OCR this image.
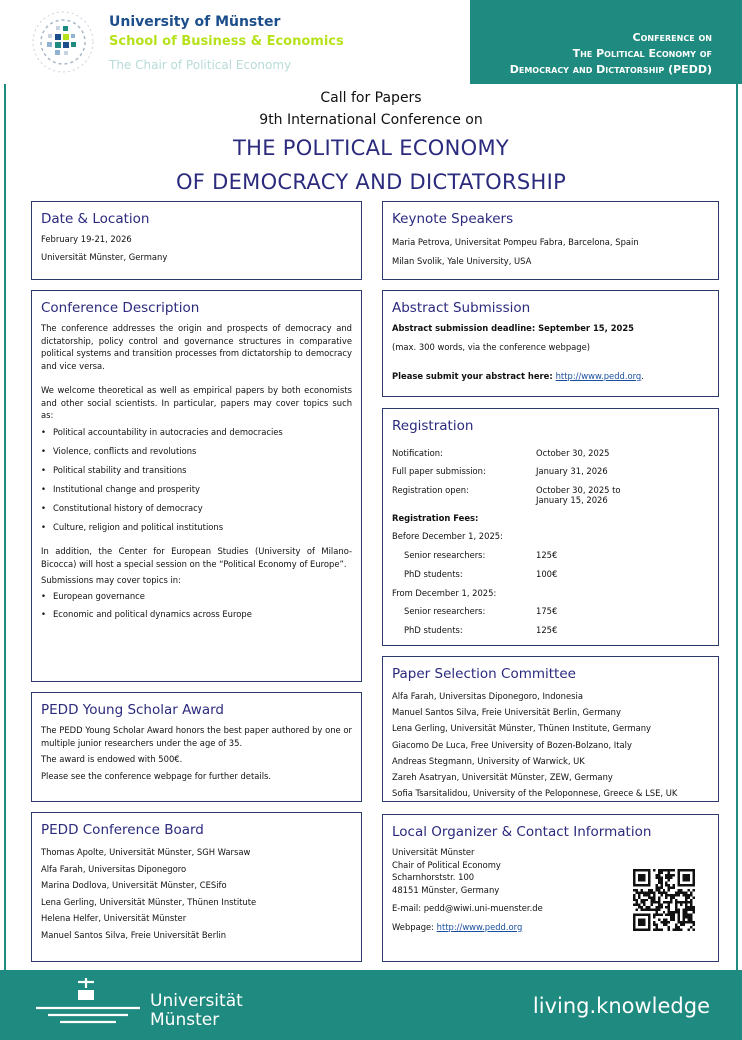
University of Münster
School of Business & Economics
The Chair of Political Economy
Conference on
The Political Economy of
Democracy and Dictatorship (PEDD)
Call for Papers
9th International Conference on
THE POLITICAL ECONOMY
OF DEMOCRACY AND DICTATORSHIP
Date & Location
February 19-21, 2026
Universität Münster, Germany
Conference Description

The conference addresses the origin and prospects of democracy and dictatorship, policy control and governance structures in comparative political systems and transition processes from dictatorship to democracy and vice versa.

We welcome theoretical as well as empirical papers by both economists and other social scientists. In particular, papers may cover topics such as:

• Political accountability in autocracies and democracies
• Violence, conflicts and revolutions
• Political stability and transitions
• Institutional change and prosperity
• Constitutional history of democracy
• Culture, religion and political institutions

In addition, the Center for European Studies (University of Milano-Bicocca) will host a special session on the “Political Economy of Europe”.

Submissions may cover topics in:

• European governance
• Economic and political dynamics across Europe
PEDD Young Scholar Award

The PEDD Young Scholar Award honors the best paper authored by one or multiple junior researchers under the age of 35.

The award is endowed with 500€.

Please see the conference webpage for further details.

PEDD Conference Board
Thomas Apolte, Universität Münster, SGH Warsaw
Alfa Farah, Universitas Diponegoro
Marina Dodlova, Universität Münster, CESifo
Lena Gerling, Universität Münster, Thünen Institute
Helena Helfer, Universität Münster
Manuel Santos Silva, Freie Universität Berlin
Keynote Speakers
Maria Petrova, Universitat Pompeu Fabra, Barcelona, Spain
Milan Svolik, Yale University, USA
Abstract Submission
Abstract submission deadline: September 15, 2025
(max. 300 words, via the conference webpage)
Please submit your abstract here: http://www.pedd.org.
Registration
Notification:	October 30, 2025
Full paper submission:	January 31, 2026
Registration open:	October 30, 2025 to
January 15, 2026
Registration Fees:
Before December 1, 2025:
Senior researchers:	125€
PhD students:	100€
From December 1, 2025:
Senior researchers:	175€
PhD students:	125€
Paper Selection Committee
Alfa Farah, Universitas Diponegoro, Indonesia
Manuel Santos Silva, Freie Universität Berlin, Germany
Lena Gerling, Universität Münster, Thünen Institute, Germany
Giacomo De Luca, Free University of Bozen-Bolzano, Italy
Andreas Stegmann, University of Warwick, UK
Zareh Asatryan, Universität Münster, ZEW, Germany
Sofia Tsarsitalidou, University of the Peloponnese, Greece & LSE, UK
Local Organizer & Contact Information
Universität Münster
Chair of Political Economy
Scharnhorststr. 100
48151 Münster, Germany
E-mail: pedd@wiwi.uni-muenster.de
Webpage: http://www.pedd.org
Universität
Münster
living.knowledge
